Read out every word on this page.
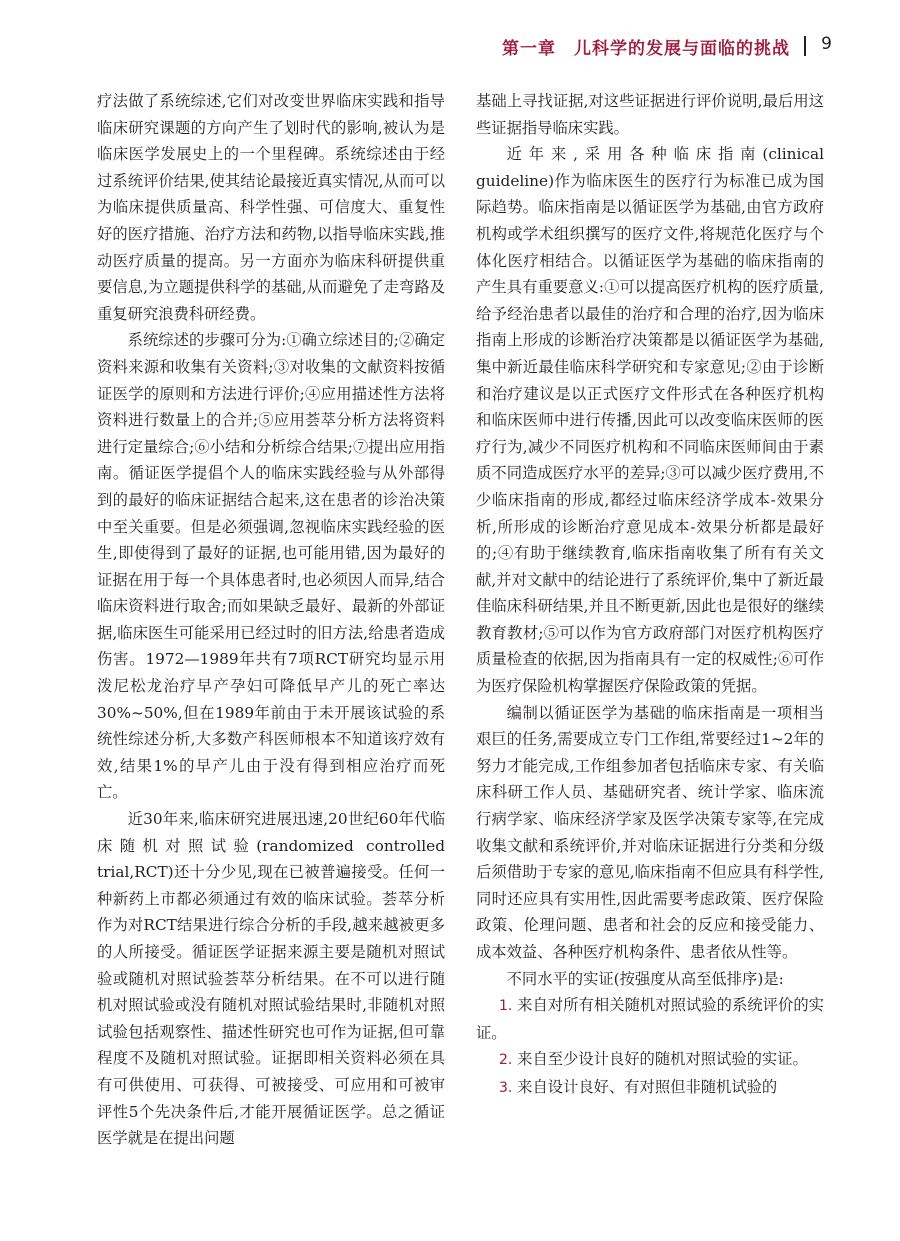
第一章　儿科学的发展与面临的挑战 9

疗法做了系统综述,它们对改变世界临床实践和指导临床研究课题的方向产生了划时代的影响,被认为是临床医学发展史上的一个里程碑。系统综述由于经过系统评价结果,使其结论最接近真实情况,从而可以为临床提供质量高、科学性强、可信度大、重复性好的医疗措施、治疗方法和药物,以指导临床实践,推动医疗质量的提高。另一方面亦为临床科研提供重要信息,为立题提供科学的基础,从而避免了走弯路及重复研究浪费科研经费。

系统综述的步骤可分为:①确立综述目的;②确定资料来源和收集有关资料;③对收集的文献资料按循证医学的原则和方法进行评价;④应用描述性方法将资料进行数量上的合并;⑤应用荟萃分析方法将资料进行定量综合;⑥小结和分析综合结果;⑦提出应用指南。循证医学提倡个人的临床实践经验与从外部得到的最好的临床证据结合起来,这在患者的诊治决策中至关重要。但是必须强调,忽视临床实践经验的医生,即使得到了最好的证据,也可能用错,因为最好的证据在用于每一个具体患者时,也必须因人而异,结合临床资料进行取舍;而如果缺乏最好、最新的外部证据,临床医生可能采用已经过时的旧方法,给患者造成伤害。1972—1989年共有7项RCT研究均显示用泼尼松龙治疗早产孕妇可降低早产儿的死亡率达30%~50%,但在1989年前由于未开展该试验的系统性综述分析,大多数产科医师根本不知道该疗效有效,结果1%的早产儿由于没有得到相应治疗而死亡。

近30年来,临床研究进展迅速,20世纪60年代临床随机对照试验(randomized controlled trial,RCT)还十分少见,现在已被普遍接受。任何一种新药上市都必须通过有效的临床试验。荟萃分析作为对RCT结果进行综合分析的手段,越来越被更多的人所接受。循证医学证据来源主要是随机对照试验或随机对照试验荟萃分析结果。在不可以进行随机对照试验或没有随机对照试验结果时,非随机对照试验包括观察性、描述性研究也可作为证据,但可靠程度不及随机对照试验。证据即相关资料必须在具有可供使用、可获得、可被接受、可应用和可被审评性5个先决条件后,才能开展循证医学。总之循证医学就是在提出问题

基础上寻找证据,对这些证据进行评价说明,最后用这些证据指导临床实践。

近年来,采用各种临床指南(clinical guideline)作为临床医生的医疗行为标准已成为国际趋势。临床指南是以循证医学为基础,由官方政府机构或学术组织撰写的医疗文件,将规范化医疗与个体化医疗相结合。以循证医学为基础的临床指南的产生具有重要意义:①可以提高医疗机构的医疗质量,给予经治患者以最佳的治疗和合理的治疗,因为临床指南上形成的诊断治疗决策都是以循证医学为基础,集中新近最佳临床科学研究和专家意见;②由于诊断和治疗建议是以正式医疗文件形式在各种医疗机构和临床医师中进行传播,因此可以改变临床医师的医疗行为,减少不同医疗机构和不同临床医师间由于素质不同造成医疗水平的差异;③可以减少医疗费用,不少临床指南的形成,都经过临床经济学成本-效果分析,所形成的诊断治疗意见成本-效果分析都是最好的;④有助于继续教育,临床指南收集了所有有关文献,并对文献中的结论进行了系统评价,集中了新近最佳临床科研结果,并且不断更新,因此也是很好的继续教育教材;⑤可以作为官方政府部门对医疗机构医疗质量检查的依据,因为指南具有一定的权威性;⑥可作为医疗保险机构掌握医疗保险政策的凭据。

编制以循证医学为基础的临床指南是一项相当艰巨的任务,需要成立专门工作组,常要经过1~2年的努力才能完成,工作组参加者包括临床专家、有关临床科研工作人员、基础研究者、统计学家、临床流行病学家、临床经济学家及医学决策专家等,在完成收集文献和系统评价,并对临床证据进行分类和分级后须借助于专家的意见,临床指南不但应具有科学性,同时还应具有实用性,因此需要考虑政策、医疗保险政策、伦理问题、患者和社会的反应和接受能力、成本效益、各种医疗机构条件、患者依从性等。

不同水平的实证(按强度从高至低排序)是:

1. 来自对所有相关随机对照试验的系统评价的实证。

2. 来自至少设计良好的随机对照试验的实证。

3. 来自设计良好、有对照但非随机试验的
